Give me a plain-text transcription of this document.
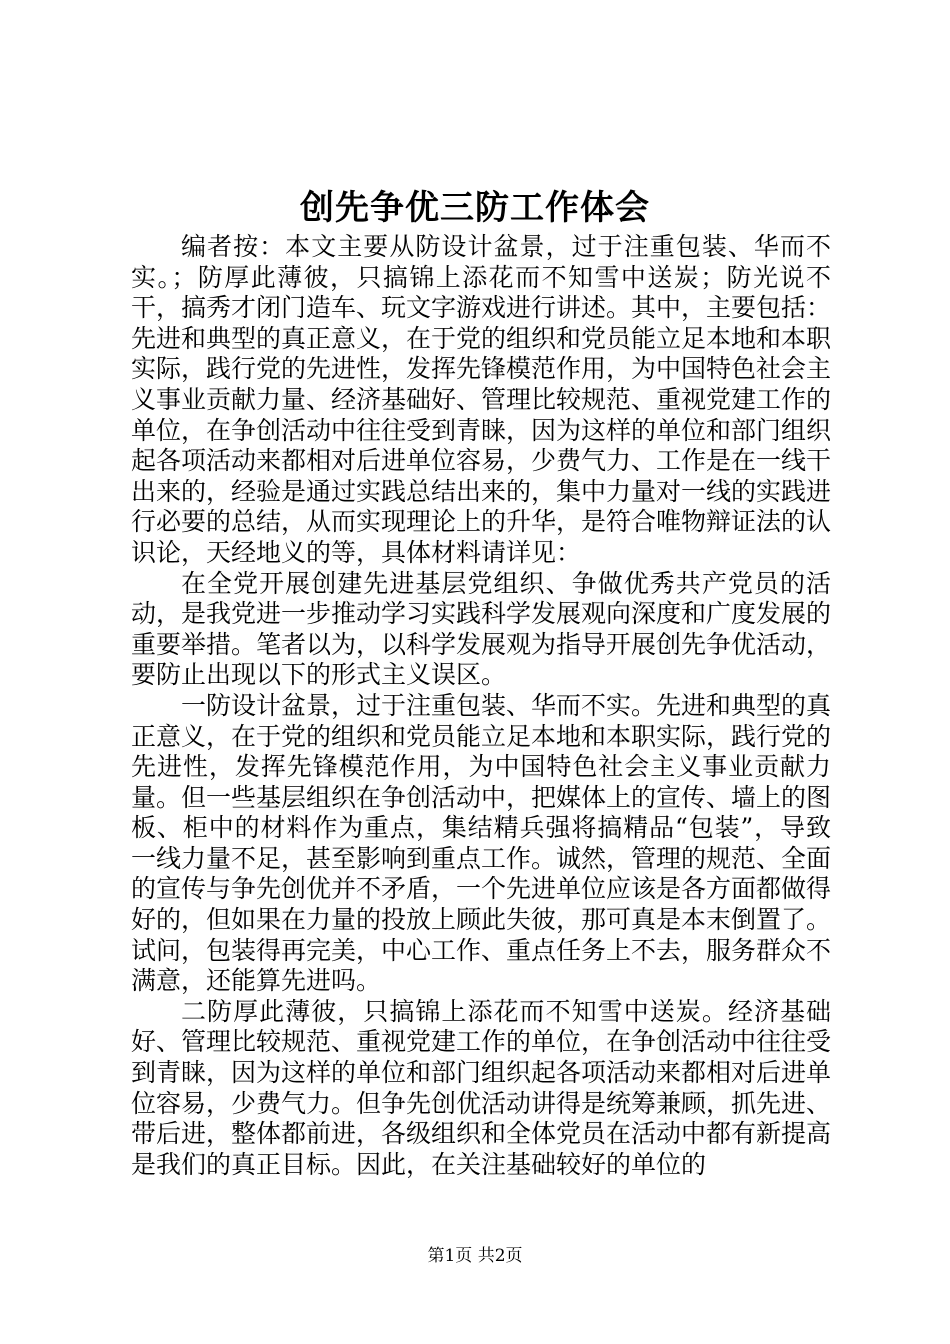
创先争优三防工作体会

编者按：本文主要从防设计盆景，过于注重包装、华而不实。；防厚此薄彼，只搞锦上添花而不知雪中送炭；防光说不干，搞秀才闭门造车、玩文字游戏进行讲述。其中，主要包括：先进和典型的真正意义，在于党的组织和党员能立足本地和本职实际，践行党的先进性，发挥先锋模范作用，为中国特色社会主义事业贡献力量、经济基础好、管理比较规范、重视党建工作的单位，在争创活动中往往受到青睐，因为这样的单位和部门组织起各项活动来都相对后进单位容易，少费气力、工作是在一线干出来的，经验是通过实践总结出来的，集中力量对一线的实践进行必要的总结，从而实现理论上的升华，是符合唯物辩证法的认识论，天经地义的等，具体材料请详见：

在全党开展创建先进基层党组织、争做优秀共产党员的活动，是我党进一步推动学习实践科学发展观向深度和广度发展的重要举措。笔者以为，以科学发展观为指导开展创先争优活动，要防止出现以下的形式主义误区。

一防设计盆景，过于注重包装、华而不实。先进和典型的真正意义，在于党的组织和党员能立足本地和本职实际，践行党的先进性，发挥先锋模范作用，为中国特色社会主义事业贡献力量。但一些基层组织在争创活动中，把媒体上的宣传、墙上的图板、柜中的材料作为重点，集结精兵强将搞精品“包装”，导致一线力量不足，甚至影响到重点工作。诚然，管理的规范、全面的宣传与争先创优并不矛盾，一个先进单位应该是各方面都做得好的，但如果在力量的投放上顾此失彼，那可真是本末倒置了。试问，包装得再完美，中心工作、重点任务上不去，服务群众不满意，还能算先进吗。

二防厚此薄彼，只搞锦上添花而不知雪中送炭。经济基础好、管理比较规范、重视党建工作的单位，在争创活动中往往受到青睐，因为这样的单位和部门组织起各项活动来都相对后进单位容易，少费气力。但争先创优活动讲得是统筹兼顾，抓先进、带后进，整体都前进，各级组织和全体党员在活动中都有新提高是我们的真正目标。因此，在关注基础较好的单位的

第1页 共2页
